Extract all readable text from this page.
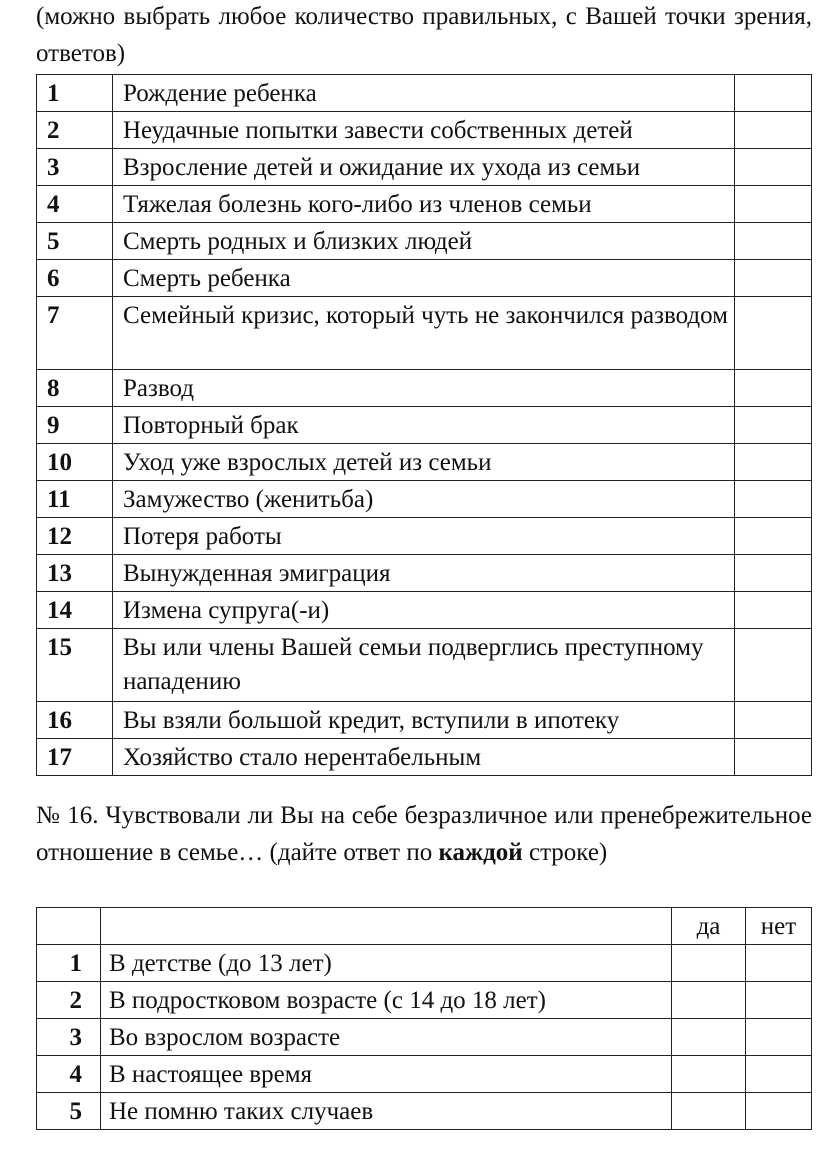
(можно выбрать любое количество правильных, с Вашей точки зрения, ответов)
1	Рождение ребенка	
2	Неудачные попытки завести собственных детей	
3	Взросление детей и ожидание их ухода из семьи	
4	Тяжелая болезнь кого-либо из членов семьи	
5	Смерть родных и близких людей	
6	Смерть ребенка	
7	Семейный кризис, который чуть не закончился разводом	
8	Развод	
9	Повторный брак	
10	Уход уже взрослых детей из семьи	
11	Замужество (женитьба)	
12	Потеря работы	
13	Вынужденная эмиграция	
14	Измена супруга(-и)	
15	Вы или члены Вашей семьи подверглись преступному нападению	
16	Вы взяли большой кредит, вступили в ипотеку	
17	Хозяйство стало нерентабельным	
№ 16. Чувствовали ли Вы на себе безразличное или пренебрежительное отношение в семье… (дайте ответ по каждой строке)
		да	нет
1	В детстве (до 13 лет)		
2	В подростковом возрасте (с 14 до 18 лет)		
3	Во взрослом возрасте		
4	В настоящее время		
5	Не помню таких случаев		
